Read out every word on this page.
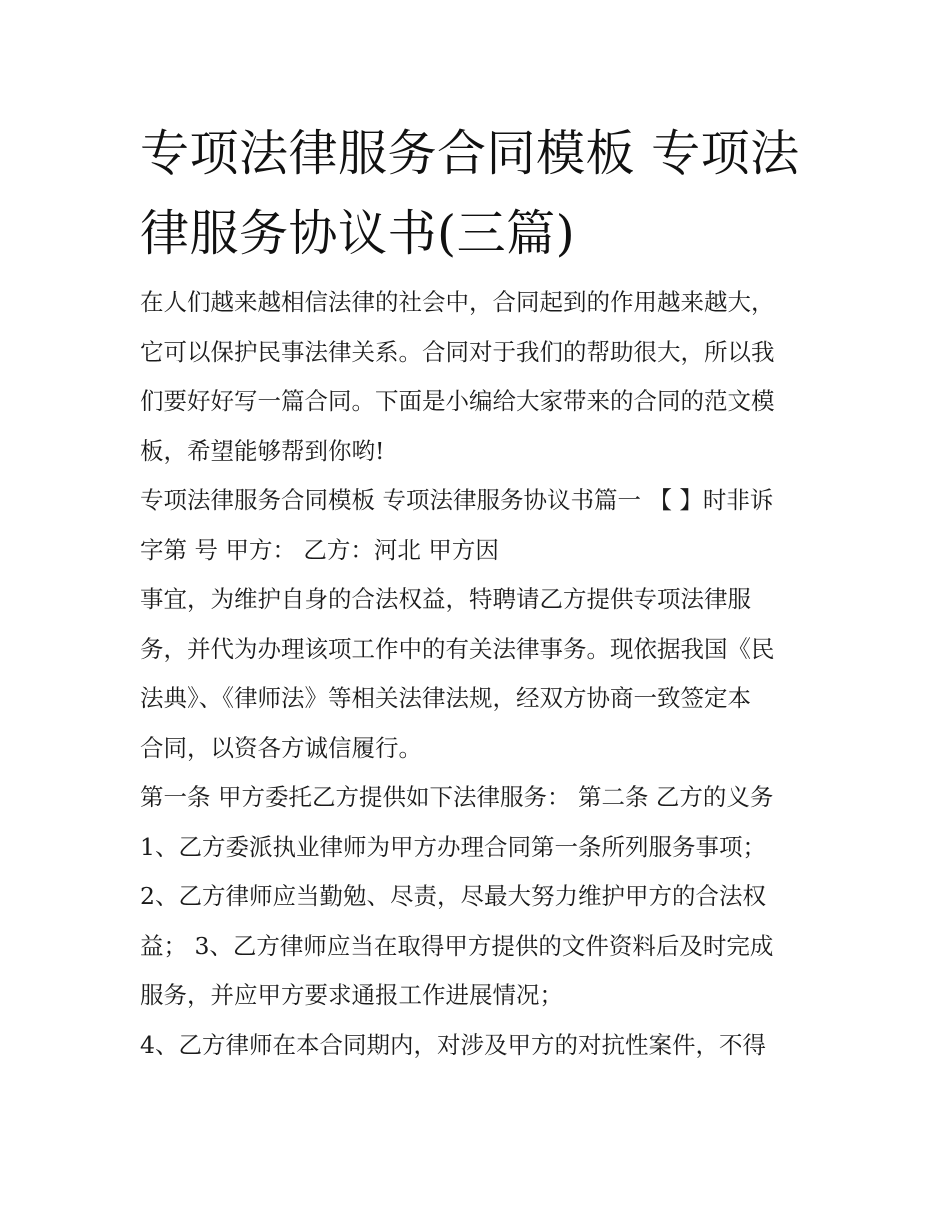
专项法律服务合同模板 专项法
律服务协议书(三篇)

在人们越来越相信法律的社会中，合同起到的作用越来越大，
它可以保护民事法律关系。合同对于我们的帮助很大，所以我
们要好好写一篇合同。下面是小编给大家带来的合同的范文模
板，希望能够帮到你哟!

专项法律服务合同模板 专项法律服务协议书篇一 【 】时非诉
字第 号 甲方： 乙方：河北 甲方因

事宜，为维护自身的合法权益，特聘请乙方提供专项法律服
务，并代为办理该项工作中的有关法律事务。现依据我国《民
法典》、《律师法》等相关法律法规，经双方协商一致签定本
合同，以资各方诚信履行。

第一条 甲方委托乙方提供如下法律服务： 第二条 乙方的义务

1、乙方委派执业律师为甲方办理合同第一条所列服务事项；

2、乙方律师应当勤勉、尽责，尽最大努力维护甲方的合法权
益； 3、乙方律师应当在取得甲方提供的文件资料后及时完成
服务，并应甲方要求通报工作进展情况；

4、乙方律师在本合同期内，对涉及甲方的对抗性案件，不得
